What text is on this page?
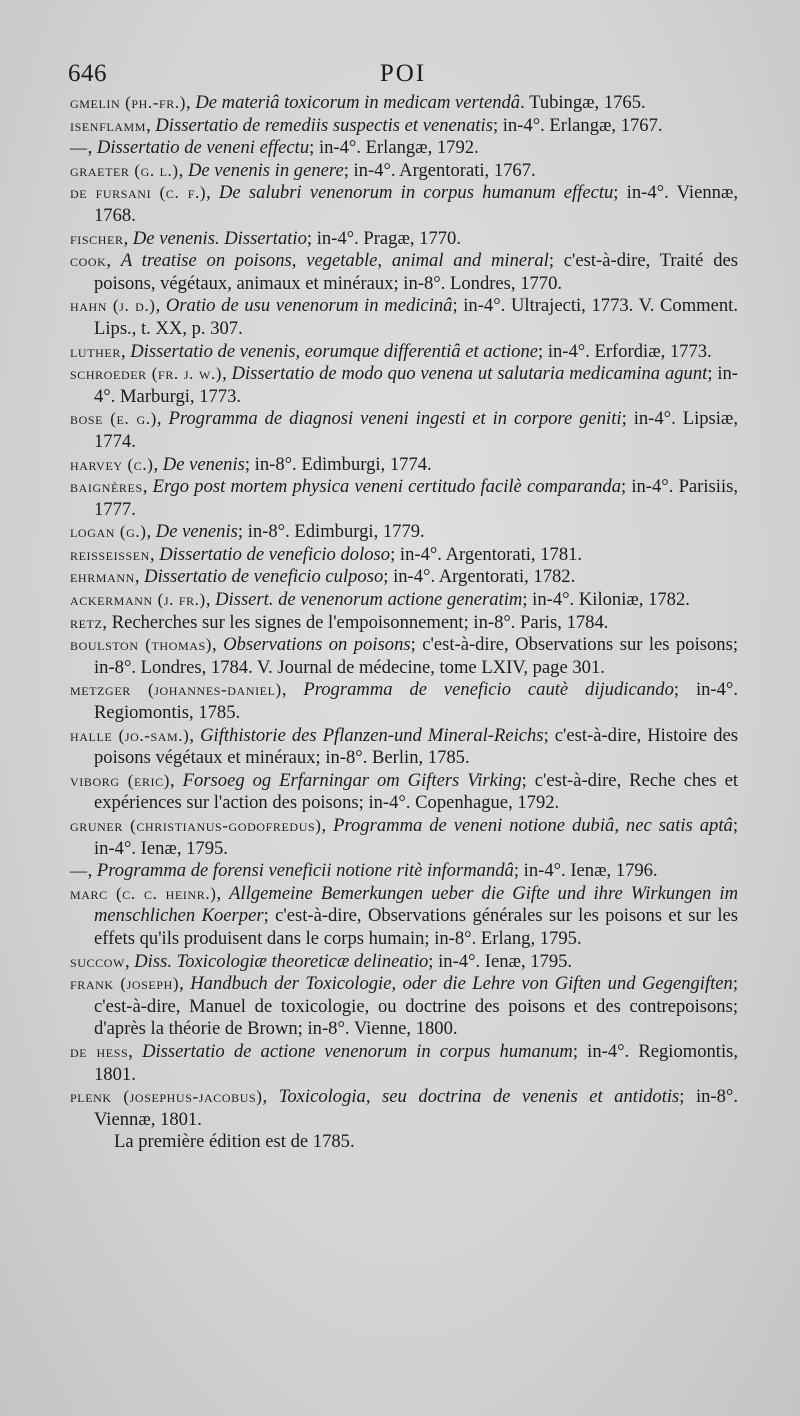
646	POI

gmelin (ph.-fr.), De materiâ toxicorum in medicam vertendâ. Tubingæ, 1765.

isenflamm, Dissertatio de remediis suspectis et venenatis; in-4°. Erlangæ, 1767.

—, Dissertatio de veneni effectu; in-4°. Erlangæ, 1792.

graeter (g. l.), De venenis in genere; in-4°. Argentorati, 1767.

de fursani (c. f.), De salubri venenorum in corpus humanum effectu; in-4°. Viennæ, 1768.

fischer, De venenis. Dissertatio; in-4°. Pragæ, 1770.

cook, A treatise on poisons, vegetable, animal and mineral; c'est-à-dire, Traité des poisons, végétaux, animaux et minéraux; in-8°. Londres, 1770.

hahn (j. d.), Oratio de usu venenorum in medicinâ; in-4°. Ultrajecti, 1773. V. Comment. Lips., t. XX, p. 307.

luther, Dissertatio de venenis, eorumque differentiâ et actione; in-4°. Erfordiæ, 1773.

schroeder (fr. j. w.), Dissertatio de modo quo venena ut salutaria medicamina agunt; in-4°. Marburgi, 1773.

bose (e. g.), Programma de diagnosi veneni ingesti et in corpore geniti; in-4°. Lipsiæ, 1774.

harvey (c.), De venenis; in-8°. Edimburgi, 1774.

baignères, Ergo post mortem physica veneni certitudo facilè comparanda; in-4°. Parisiis, 1777.

logan (g.), De venenis; in-8°. Edimburgi, 1779.

reisseissen, Dissertatio de veneficio doloso; in-4°. Argentorati, 1781.

ehrmann, Dissertatio de veneficio culposo; in-4°. Argentorati, 1782.

ackermann (j. fr.), Dissert. de venenorum actione generatim; in-4°. Kiloniæ, 1782.

retz, Recherches sur les signes de l'empoisonnement; in-8°. Paris, 1784.

boulston (thomas), Observations on poisons; c'est-à-dire, Observations sur les poisons; in-8°. Londres, 1784. V. Journal de médecine, tome LXIV, page 301.

metzger (johannes-daniel), Programma de veneficio cautè dijudicando; in-4°. Regiomontis, 1785.

halle (jo.-sam.), Gifthistorie des Pflanzen-und Mineral-Reichs; c'est-à-dire, Histoire des poisons végétaux et minéraux; in-8°. Berlin, 1785.

viborg (eric), Forsoeg og Erfarningar om Gifters Virking; c'est-à-dire, Reche ches et expériences sur l'action des poisons; in-4°. Copenhague, 1792.

gruner (christianus-godofredus), Programma de veneni notione dubiâ, nec satis aptâ; in-4°. Ienæ, 1795.

—, Programma de forensi veneficii notione ritè informandâ; in-4°. Ienæ, 1796.

marc (c. c. heinr.), Allgemeine Bemerkungen ueber die Gifte und ihre Wirkungen im menschlichen Koerper; c'est-à-dire, Observations générales sur les poisons et sur les effets qu'ils produisent dans le corps humain; in-8°. Erlang, 1795.

succow, Diss. Toxicologiæ theoreticæ delineatio; in-4°. Ienæ, 1795.

frank (joseph), Handbuch der Toxicologie, oder die Lehre von Giften und Gegengiften; c'est-à-dire, Manuel de toxicologie, ou doctrine des poisons et des contrepoisons; d'après la théorie de Brown; in-8°. Vienne, 1800.

de hess, Dissertatio de actione venenorum in corpus humanum; in-4°. Regiomontis, 1801.

plenk (josephus-jacobus), Toxicologia, seu doctrina de venenis et antidotis; in-8°. Viennæ, 1801.

La première édition est de 1785.
